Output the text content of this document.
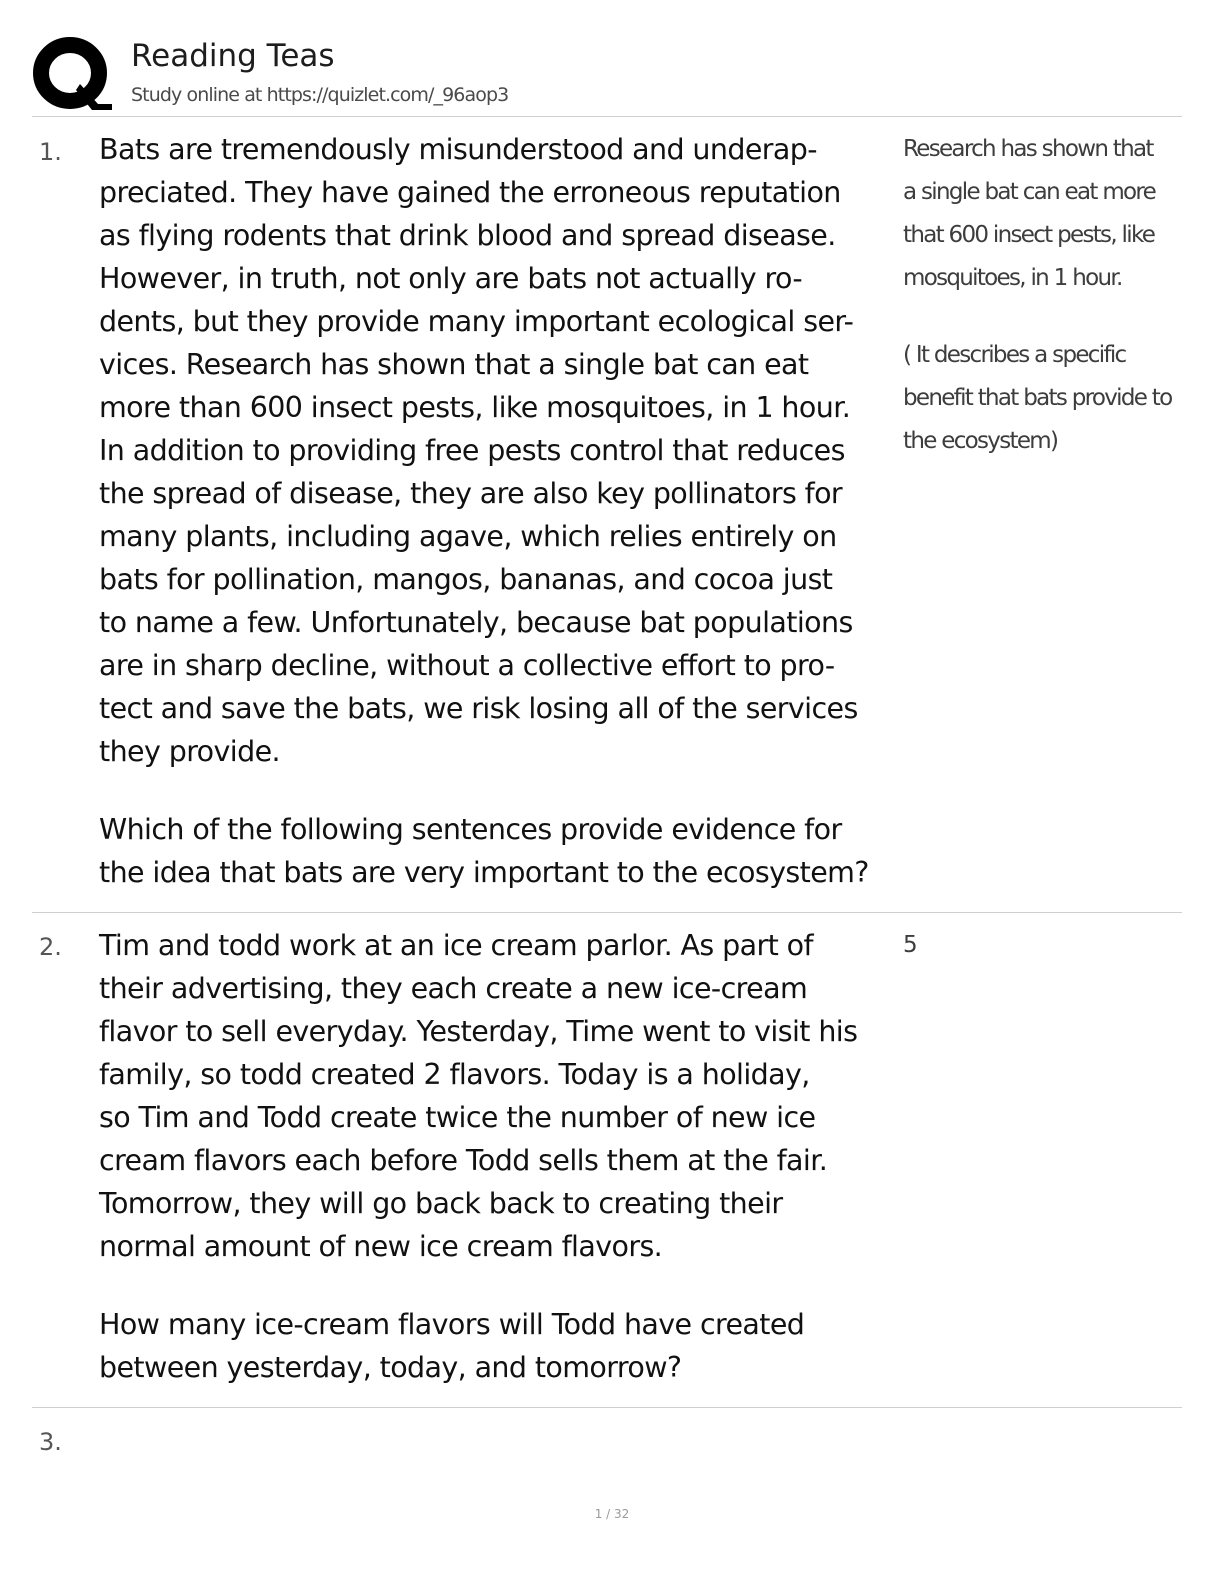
Reading Teas
Study online at https://quizlet.com/_96aop3
1. Bats are tremendously misunderstood and underap-
preciated. They have gained the erroneous reputation
as flying rodents that drink blood and spread disease.
However, in truth, not only are bats not actually ro-
dents, but they provide many important ecological ser-
vices. Research has shown that a single bat can eat
more than 600 insect pests, like mosquitoes, in 1 hour.
In addition to providing free pests control that reduces
the spread of disease, they are also key pollinators for
many plants, including agave, which relies entirely on
bats for pollination, mangos, bananas, and cocoa just
to name a few. Unfortunately, because bat populations
are in sharp decline, without a collective effort to pro-
tect and save the bats, we risk losing all of the services
they provide.
Which of the following sentences provide evidence for
the idea that bats are very important to the ecosystem?
Research has shown that
a single bat can eat more
that 600 insect pests, like
mosquitoes, in 1 hour.
( It describes a specific
benefit that bats provide to
the ecosystem)
2. Tim and todd work at an ice cream parlor. As part of
their advertising, they each create a new ice-cream
flavor to sell everyday. Yesterday, Time went to visit his
family, so todd created 2 flavors. Today is a holiday,
so Tim and Todd create twice the number of new ice
cream flavors each before Todd sells them at the fair.
Tomorrow, they will go back back to creating their
normal amount of new ice cream flavors.
How many ice-cream flavors will Todd have created
between yesterday, today, and tomorrow?
5
3.
1 / 32
